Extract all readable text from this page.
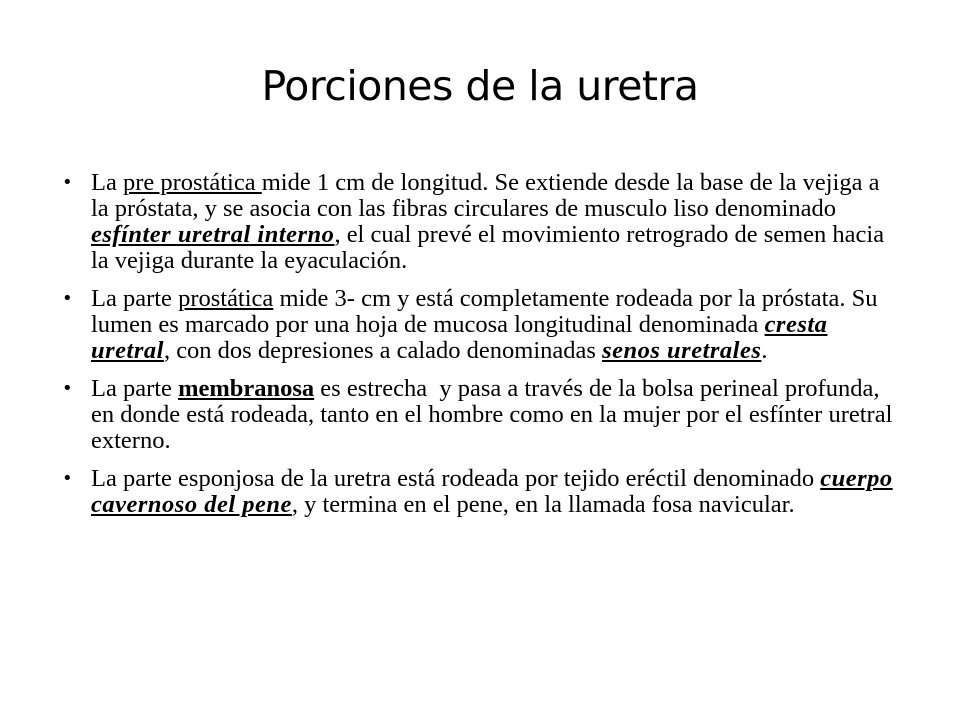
Porciones de la uretra
• La pre prostática mide 1 cm de longitud. Se extiende desde la base de la vejiga a la próstata, y se asocia con las fibras circulares de musculo liso denominado esfínter uretral interno, el cual prevé el movimiento retrogrado de semen hacia la vejiga durante la eyaculación.
• La parte prostática mide 3- cm y está completamente rodeada por la próstata. Su lumen es marcado por una hoja de mucosa longitudinal denominada cresta uretral, con dos depresiones a calado denominadas senos uretrales.
• La parte membranosa es estrecha  y pasa a través de la bolsa perineal profunda, en donde está rodeada, tanto en el hombre como en la mujer por el esfínter uretral externo.
• La parte esponjosa de la uretra está rodeada por tejido eréctil denominado cuerpo cavernoso del pene, y termina en el pene, en la llamada fosa navicular.
